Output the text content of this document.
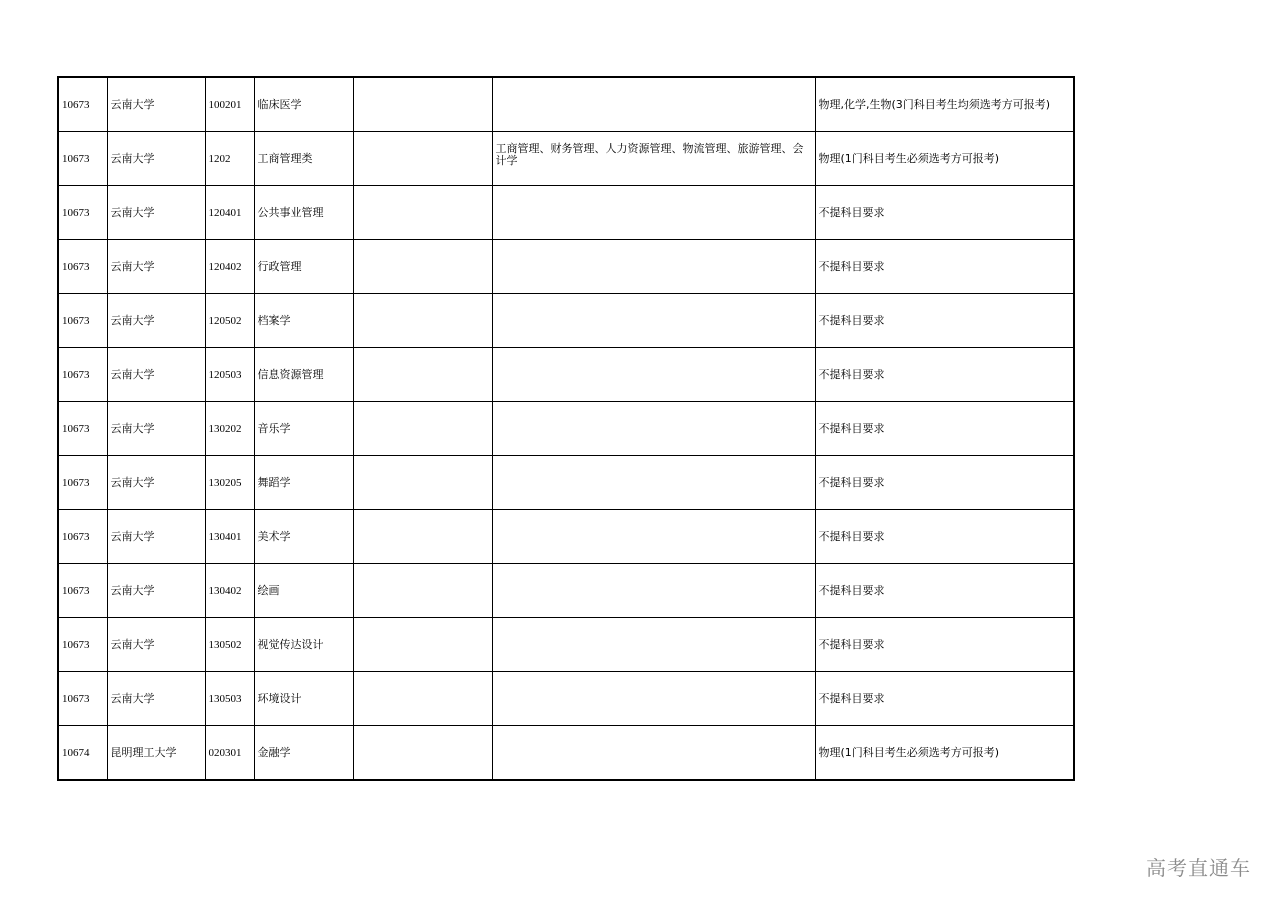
10673	云南大学	100201	临床医学			物理,化学,生物(3门科目考生均须选考方可报考)
10673	云南大学	1202	工商管理类		工商管理、财务管理、人力资源管理、物流管理、旅游管理、会计学	物理(1门科目考生必须选考方可报考)
10673	云南大学	120401	公共事业管理			不提科目要求
10673	云南大学	120402	行政管理			不提科目要求
10673	云南大学	120502	档案学			不提科目要求
10673	云南大学	120503	信息资源管理			不提科目要求
10673	云南大学	130202	音乐学			不提科目要求
10673	云南大学	130205	舞蹈学			不提科目要求
10673	云南大学	130401	美术学			不提科目要求
10673	云南大学	130402	绘画			不提科目要求
10673	云南大学	130502	视觉传达设计			不提科目要求
10673	云南大学	130503	环境设计			不提科目要求
10674	昆明理工大学	020301	金融学			物理(1门科目考生必须选考方可报考)
高考直通车
